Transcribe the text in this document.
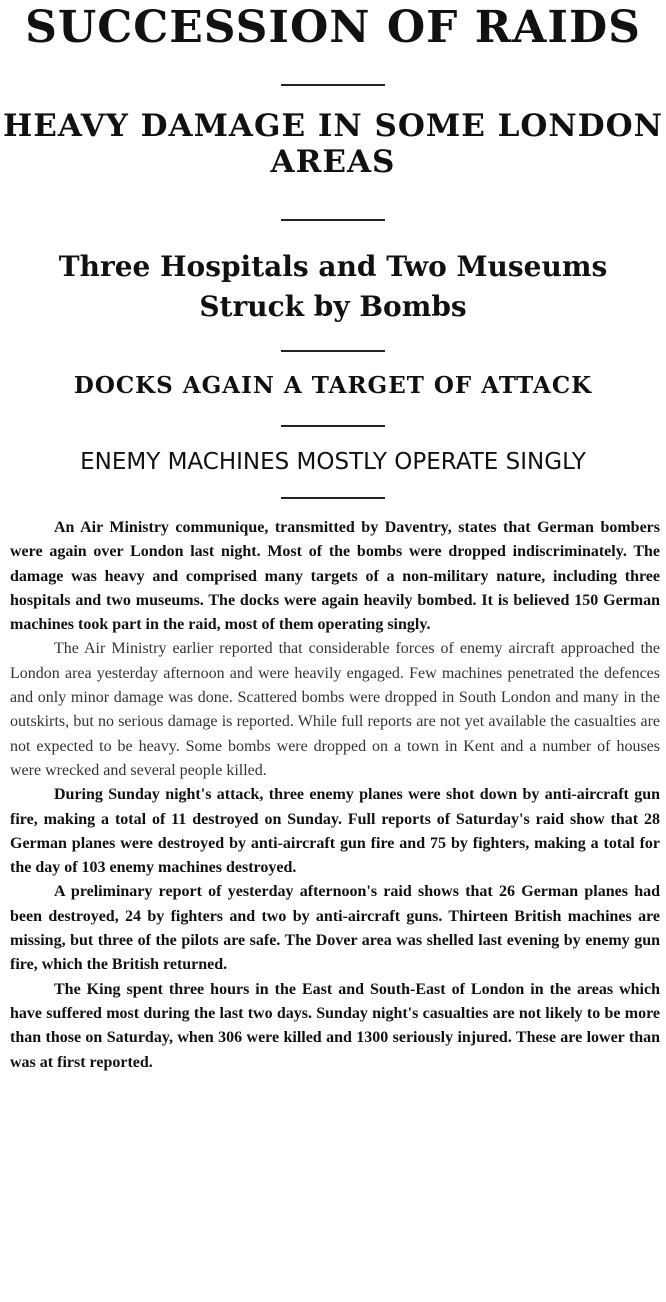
SUCCESSION OF RAIDS
HEAVY DAMAGE IN SOME LONDON AREAS
Three Hospitals and Two Museums
Struck by Bombs
DOCKS AGAIN A TARGET OF ATTACK
ENEMY MACHINES MOSTLY OPERATE SINGLY

An Air Ministry communique, transmitted by Daventry, states that German bombers were again over London last night. Most of the bombs were dropped indiscriminately. The damage was heavy and comprised many targets of a non-military nature, including three hospitals and two museums. The docks were again heavily bombed. It is believed 150 German machines took part in the raid, most of them operating singly.

The Air Ministry earlier reported that considerable forces of enemy aircraft approached the London area yesterday afternoon and were heavily engaged. Few machines penetrated the defences and only minor damage was done. Scattered bombs were dropped in South London and many in the outskirts, but no serious damage is reported. While full reports are not yet available the casualties are not expected to be heavy. Some bombs were dropped on a town in Kent and a number of houses were wrecked and several people killed.

During Sunday night's attack, three enemy planes were shot down by anti-aircraft gun fire, making a total of 11 destroyed on Sunday. Full reports of Saturday's raid show that 28 German planes were destroyed by anti-aircraft gun fire and 75 by fighters, making a total for the day of 103 enemy machines destroyed.

A preliminary report of yesterday afternoon's raid shows that 26 German planes had been destroyed, 24 by fighters and two by anti-aircraft guns. Thirteen British machines are missing, but three of the pilots are safe. The Dover area was shelled last evening by enemy gun fire, which the British returned.

The King spent three hours in the East and South-East of London in the areas which have suffered most during the last two days. Sunday night's casualties are not likely to be more than those on Saturday, when 306 were killed and 1300 seriously injured. These are lower than was at first reported.
